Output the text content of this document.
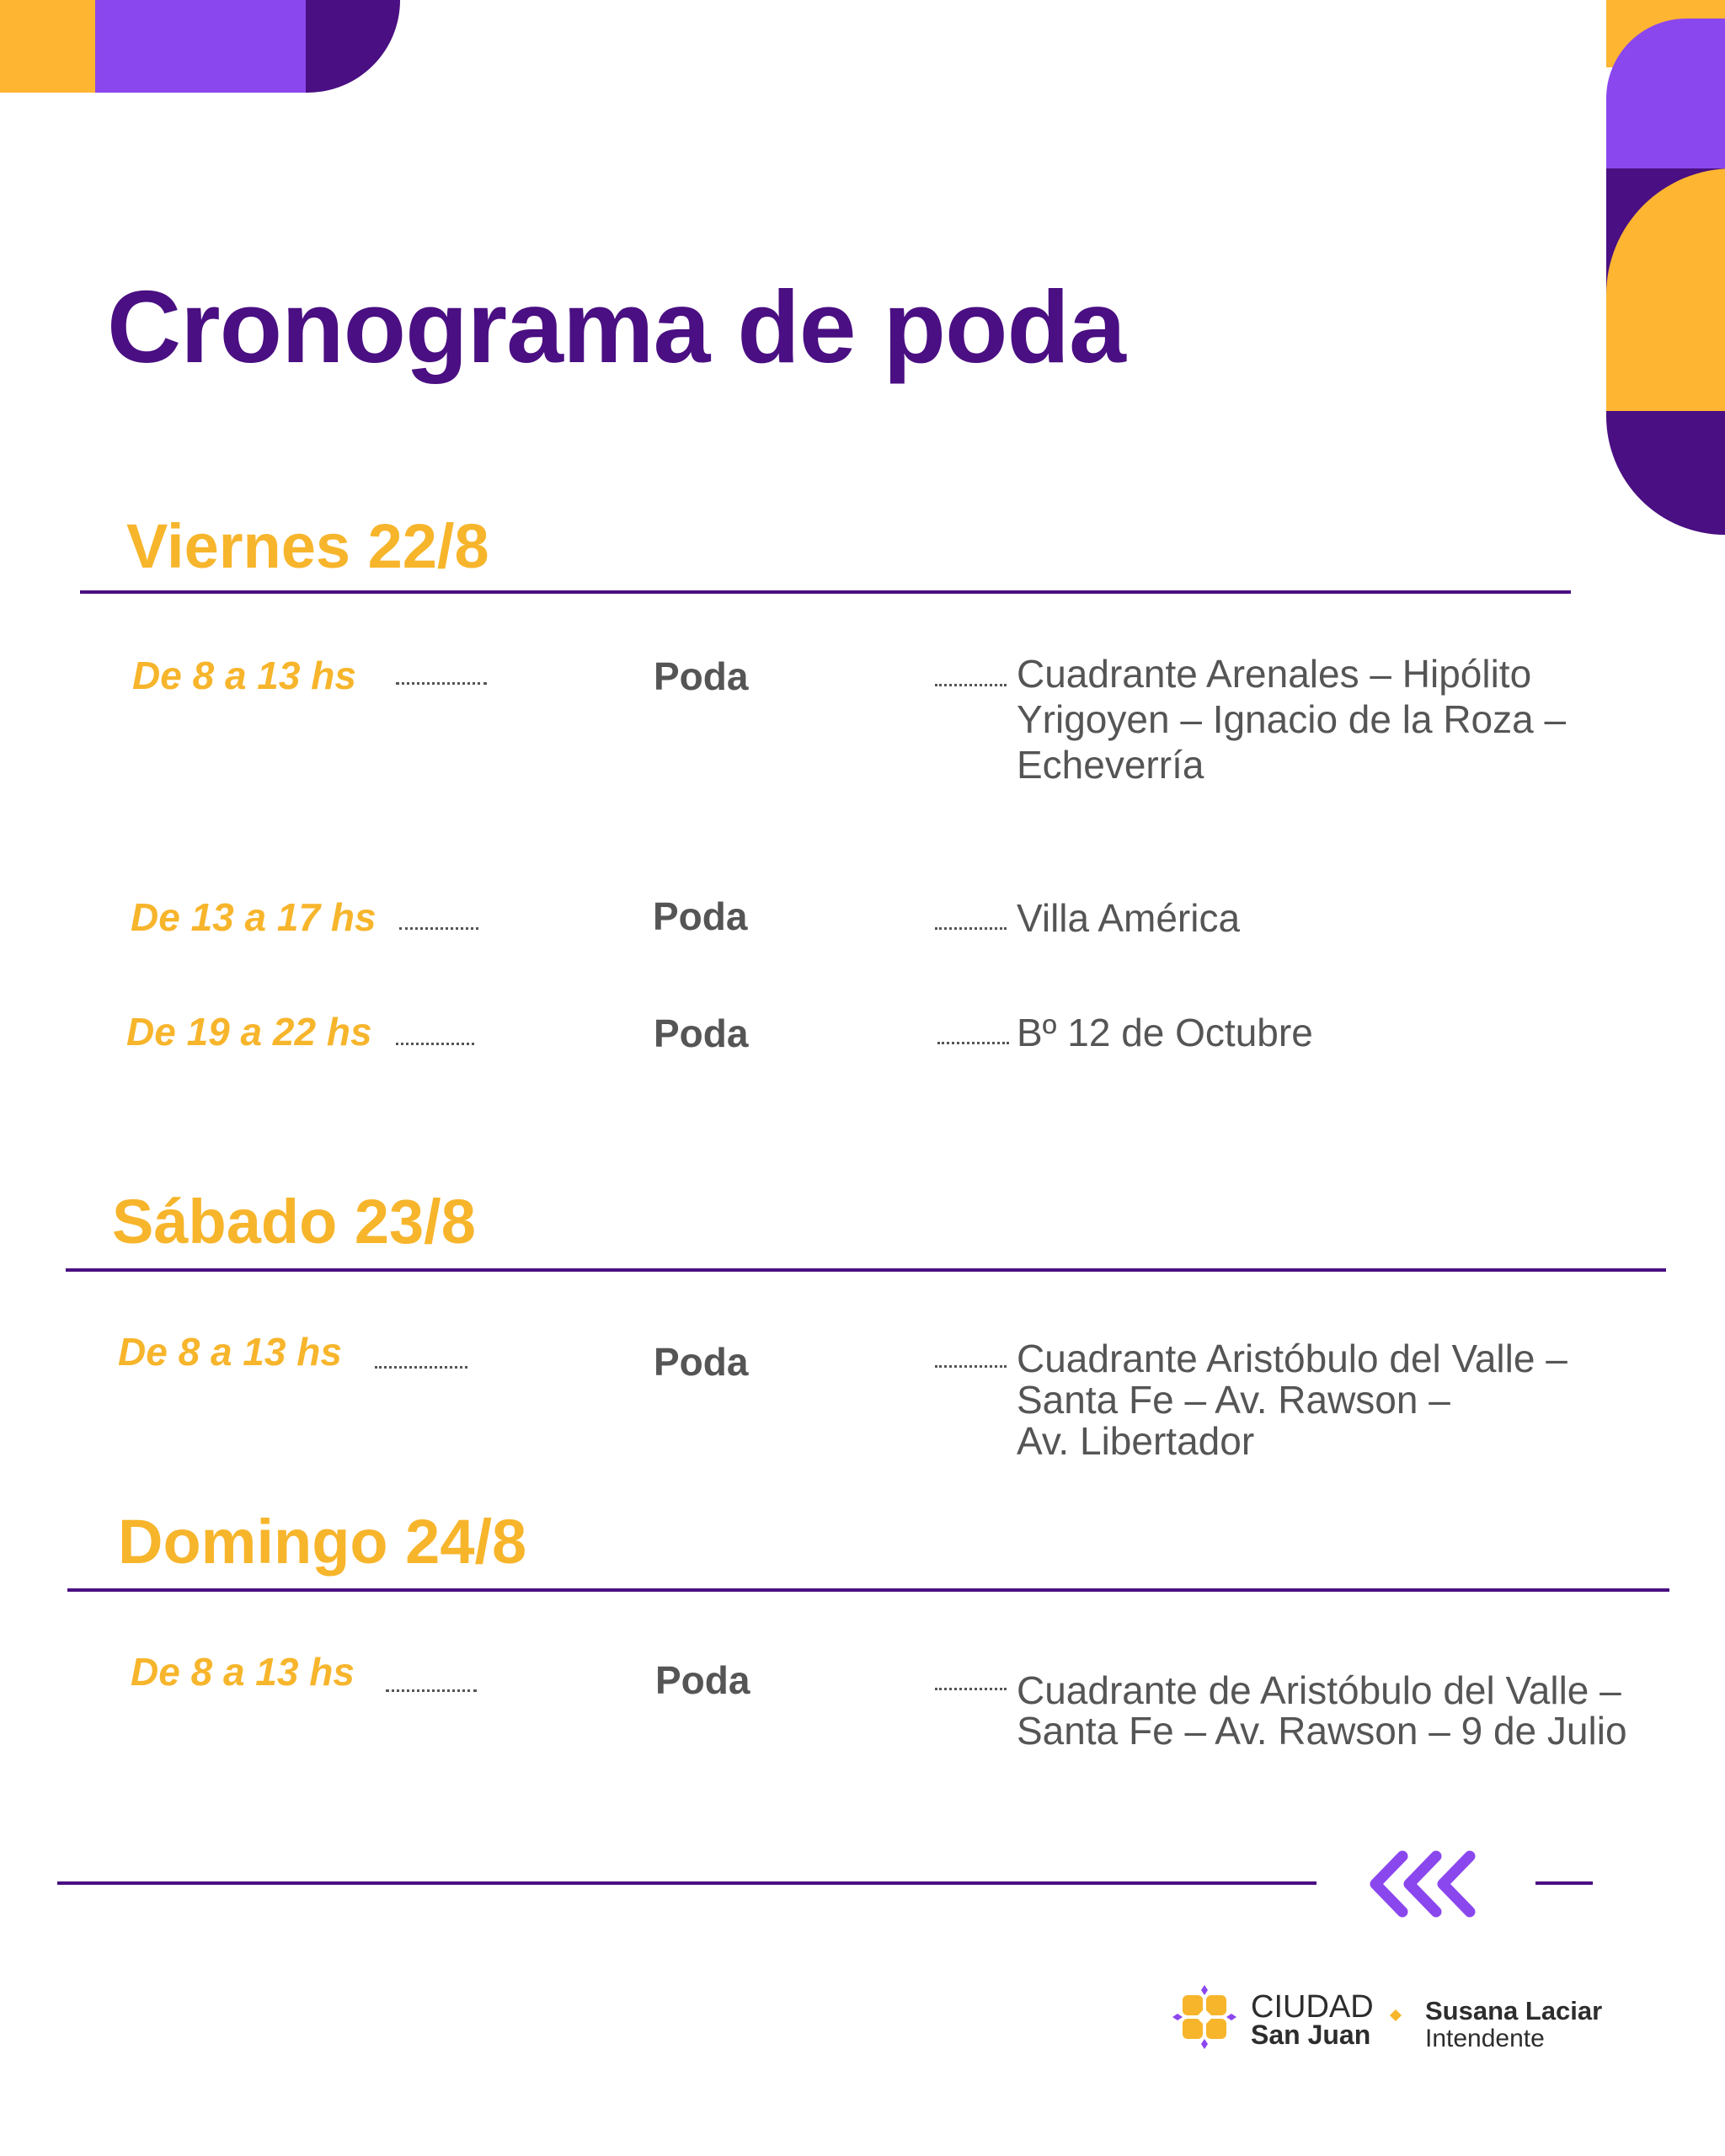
Cronograma de poda
Viernes 22/8
De 8 a 13 hs	Poda	Cuadrante Arenales – Hipólito
Yrigoyen – Ignacio de la Roza –
Echeverría
De 13 a 17 hs	Poda	Villa América
De 19 a 22 hs	Poda	Bº 12 de Octubre
Sábado 23/8
De 8 a 13 hs	Poda	Cuadrante Aristóbulo del Valle –
Santa Fe – Av. Rawson –
Av. Libertador
Domingo 24/8
De 8 a 13 hs	Poda	Cuadrante de Aristóbulo del Valle –
Santa Fe – Av. Rawson – 9 de Julio
CIUDAD
San Juan
Susana Laciar
Intendente
